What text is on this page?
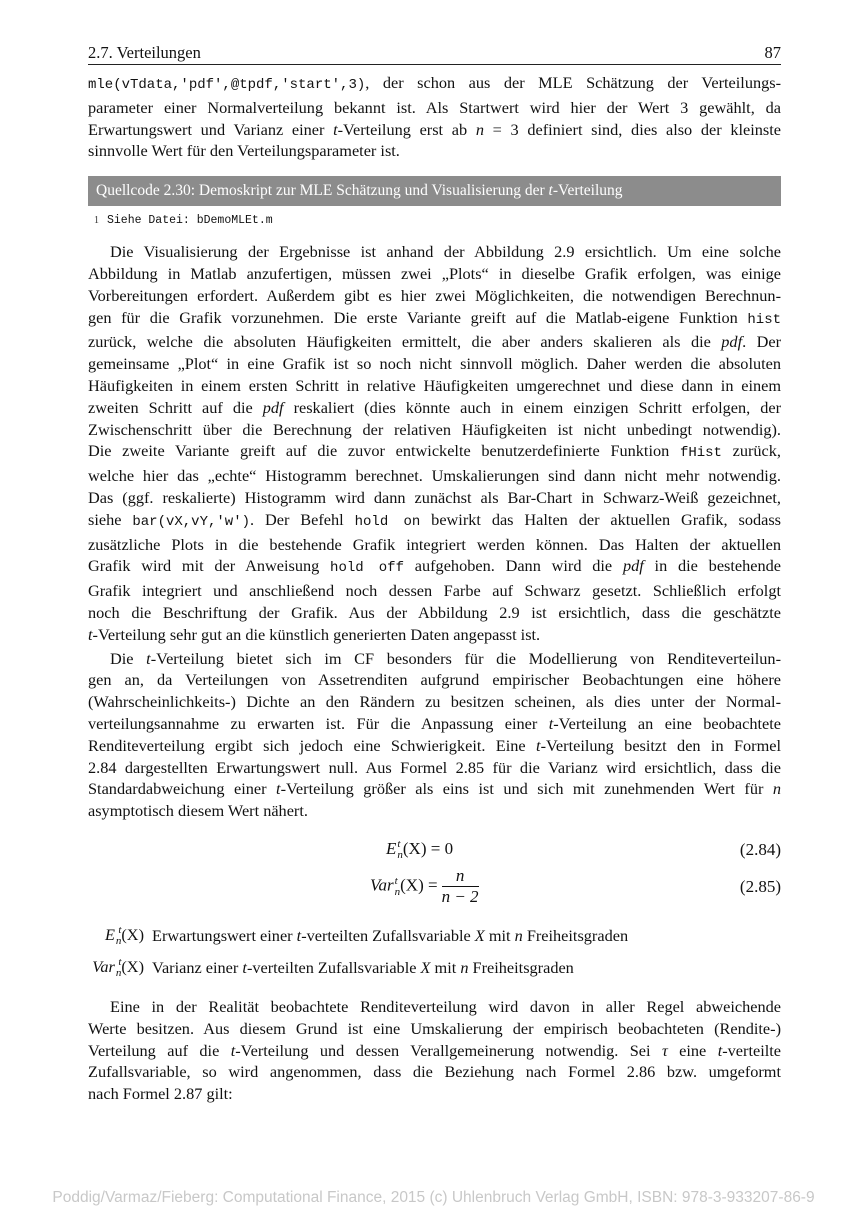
2.7. Verteilungen	87
mle(vTdata,'pdf',@tpdf,'start',3), der schon aus der MLE Schätzung der Verteilungs-
parameter einer Normalverteilung bekannt ist. Als Startwert wird hier der Wert 3 gewählt, da
Erwartungswert und Varianz einer t-Verteilung erst ab n = 3 definiert sind, dies also der kleinste
sinnvolle Wert für den Verteilungsparameter ist.
Quellcode 2.30: Demoskript zur MLE Schätzung und Visualisierung der t-Verteilung
1 Siehe Datei: bDemoMLEt.m
Die Visualisierung der Ergebnisse ist anhand der Abbildung 2.9 ersichtlich. Um eine solche
Abbildung in Matlab anzufertigen, müssen zwei „Plots“ in dieselbe Grafik erfolgen, was einige
Vorbereitungen erfordert. Außerdem gibt es hier zwei Möglichkeiten, die notwendigen Berechnun-
gen für die Grafik vorzunehmen. Die erste Variante greift auf die Matlab-eigene Funktion hist
zurück, welche die absoluten Häufigkeiten ermittelt, die aber anders skalieren als die pdf. Der
gemeinsame „Plot“ in eine Grafik ist so noch nicht sinnvoll möglich. Daher werden die absoluten
Häufigkeiten in einem ersten Schritt in relative Häufigkeiten umgerechnet und diese dann in einem
zweiten Schritt auf die pdf reskaliert (dies könnte auch in einem einzigen Schritt erfolgen, der
Zwischenschritt über die Berechnung der relativen Häufigkeiten ist nicht unbedingt notwendig).
Die zweite Variante greift auf die zuvor entwickelte benutzerdefinierte Funktion fHist zurück,
welche hier das „echte“ Histogramm berechnet. Umskalierungen sind dann nicht mehr notwendig.
Das (ggf. reskalierte) Histogramm wird dann zunächst als Bar-Chart in Schwarz-Weiß gezeichnet,
siehe bar(vX,vY,'w'). Der Befehl hold on bewirkt das Halten der aktuellen Grafik, sodass
zusätzliche Plots in die bestehende Grafik integriert werden können. Das Halten der aktuellen
Grafik wird mit der Anweisung hold off aufgehoben. Dann wird die pdf in die bestehende
Grafik integriert und anschließend noch dessen Farbe auf Schwarz gesetzt. Schließlich erfolgt
noch die Beschriftung der Grafik. Aus der Abbildung 2.9 ist ersichtlich, dass die geschätzte
t-Verteilung sehr gut an die künstlich generierten Daten angepasst ist.
Die t-Verteilung bietet sich im CF besonders für die Modellierung von Renditeverteilun-
gen an, da Verteilungen von Assetrenditen aufgrund empirischer Beobachtungen eine höhere
(Wahrscheinlichkeits-) Dichte an den Rändern zu besitzen scheinen, als dies unter der Normal-
verteilungsannahme zu erwarten ist. Für die Anpassung einer t-Verteilung an eine beobachtete
Renditeverteilung ergibt sich jedoch eine Schwierigkeit. Eine t-Verteilung besitzt den in Formel
2.84 dargestellten Erwartungswert null. Aus Formel 2.85 für die Varianz wird ersichtlich, dass die
Standardabweichung einer t-Verteilung größer als eins ist und sich mit zunehmenden Wert für n
asymptotisch diesem Wert nähert.
E t
n (X) = 0	(2.84)
Var t
n $(X) = \frac{n}{n - 2}$	(2.85)
E t
n (X) Erwartungswert einer t-verteilten Zufallsvariable X mit n Freiheitsgraden
Var t
n (X) Varianz einer t-verteilten Zufallsvariable X mit n Freiheitsgraden
Eine in der Realität beobachtete Renditeverteilung wird davon in aller Regel abweichende
Werte besitzen. Aus diesem Grund ist eine Umskalierung der empirisch beobachteten (Rendite-)
Verteilung auf die t-Verteilung und dessen Verallgemeinerung notwendig. Sei τ eine t-verteilte
Zufallsvariable, so wird angenommen, dass die Beziehung nach Formel 2.86 bzw. umgeformt
nach Formel 2.87 gilt:
Poddig/Varmaz/Fieberg: Computational Finance, 2015 (c) Uhlenbruch Verlag GmbH, ISBN: 978-3-933207-86-9
